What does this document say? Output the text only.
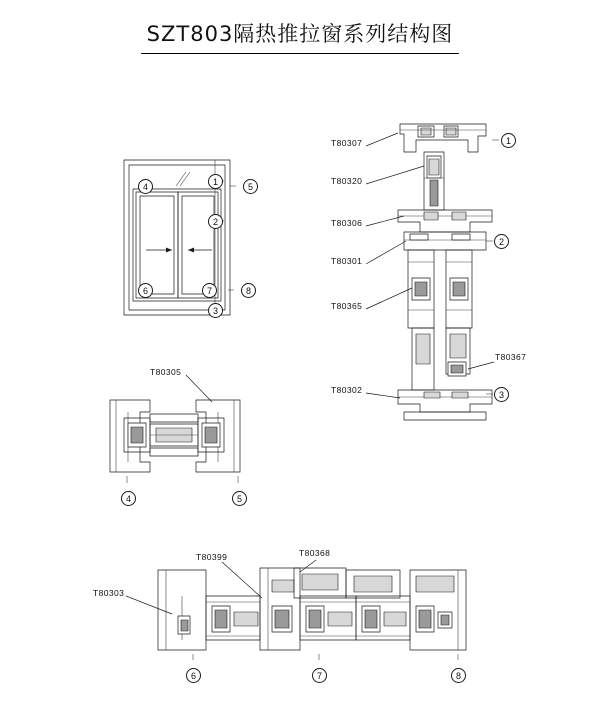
SZT803隔热推拉窗系列结构图
T80307
T80320
T80306
T80301
T80365
T80367
T80302
T80305
T80399	T80368
T80303
1	5
4
2
6	7	8
3
1
2
3
4	5
6	7	8
